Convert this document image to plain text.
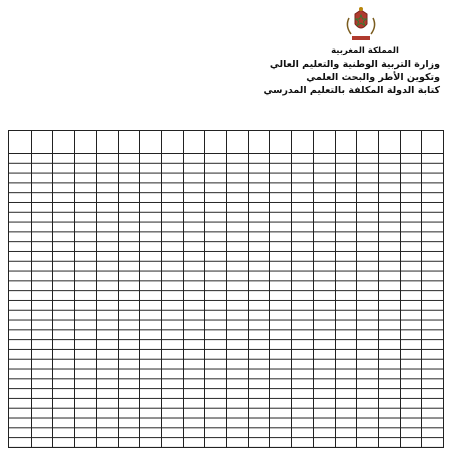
المملكة المغربية
وزارة التربية الوطنية والتعليم العالي
وتكوين الأطر والبحث العلمي
كتابة الدولة المكلفة بالتعليم المدرسي
